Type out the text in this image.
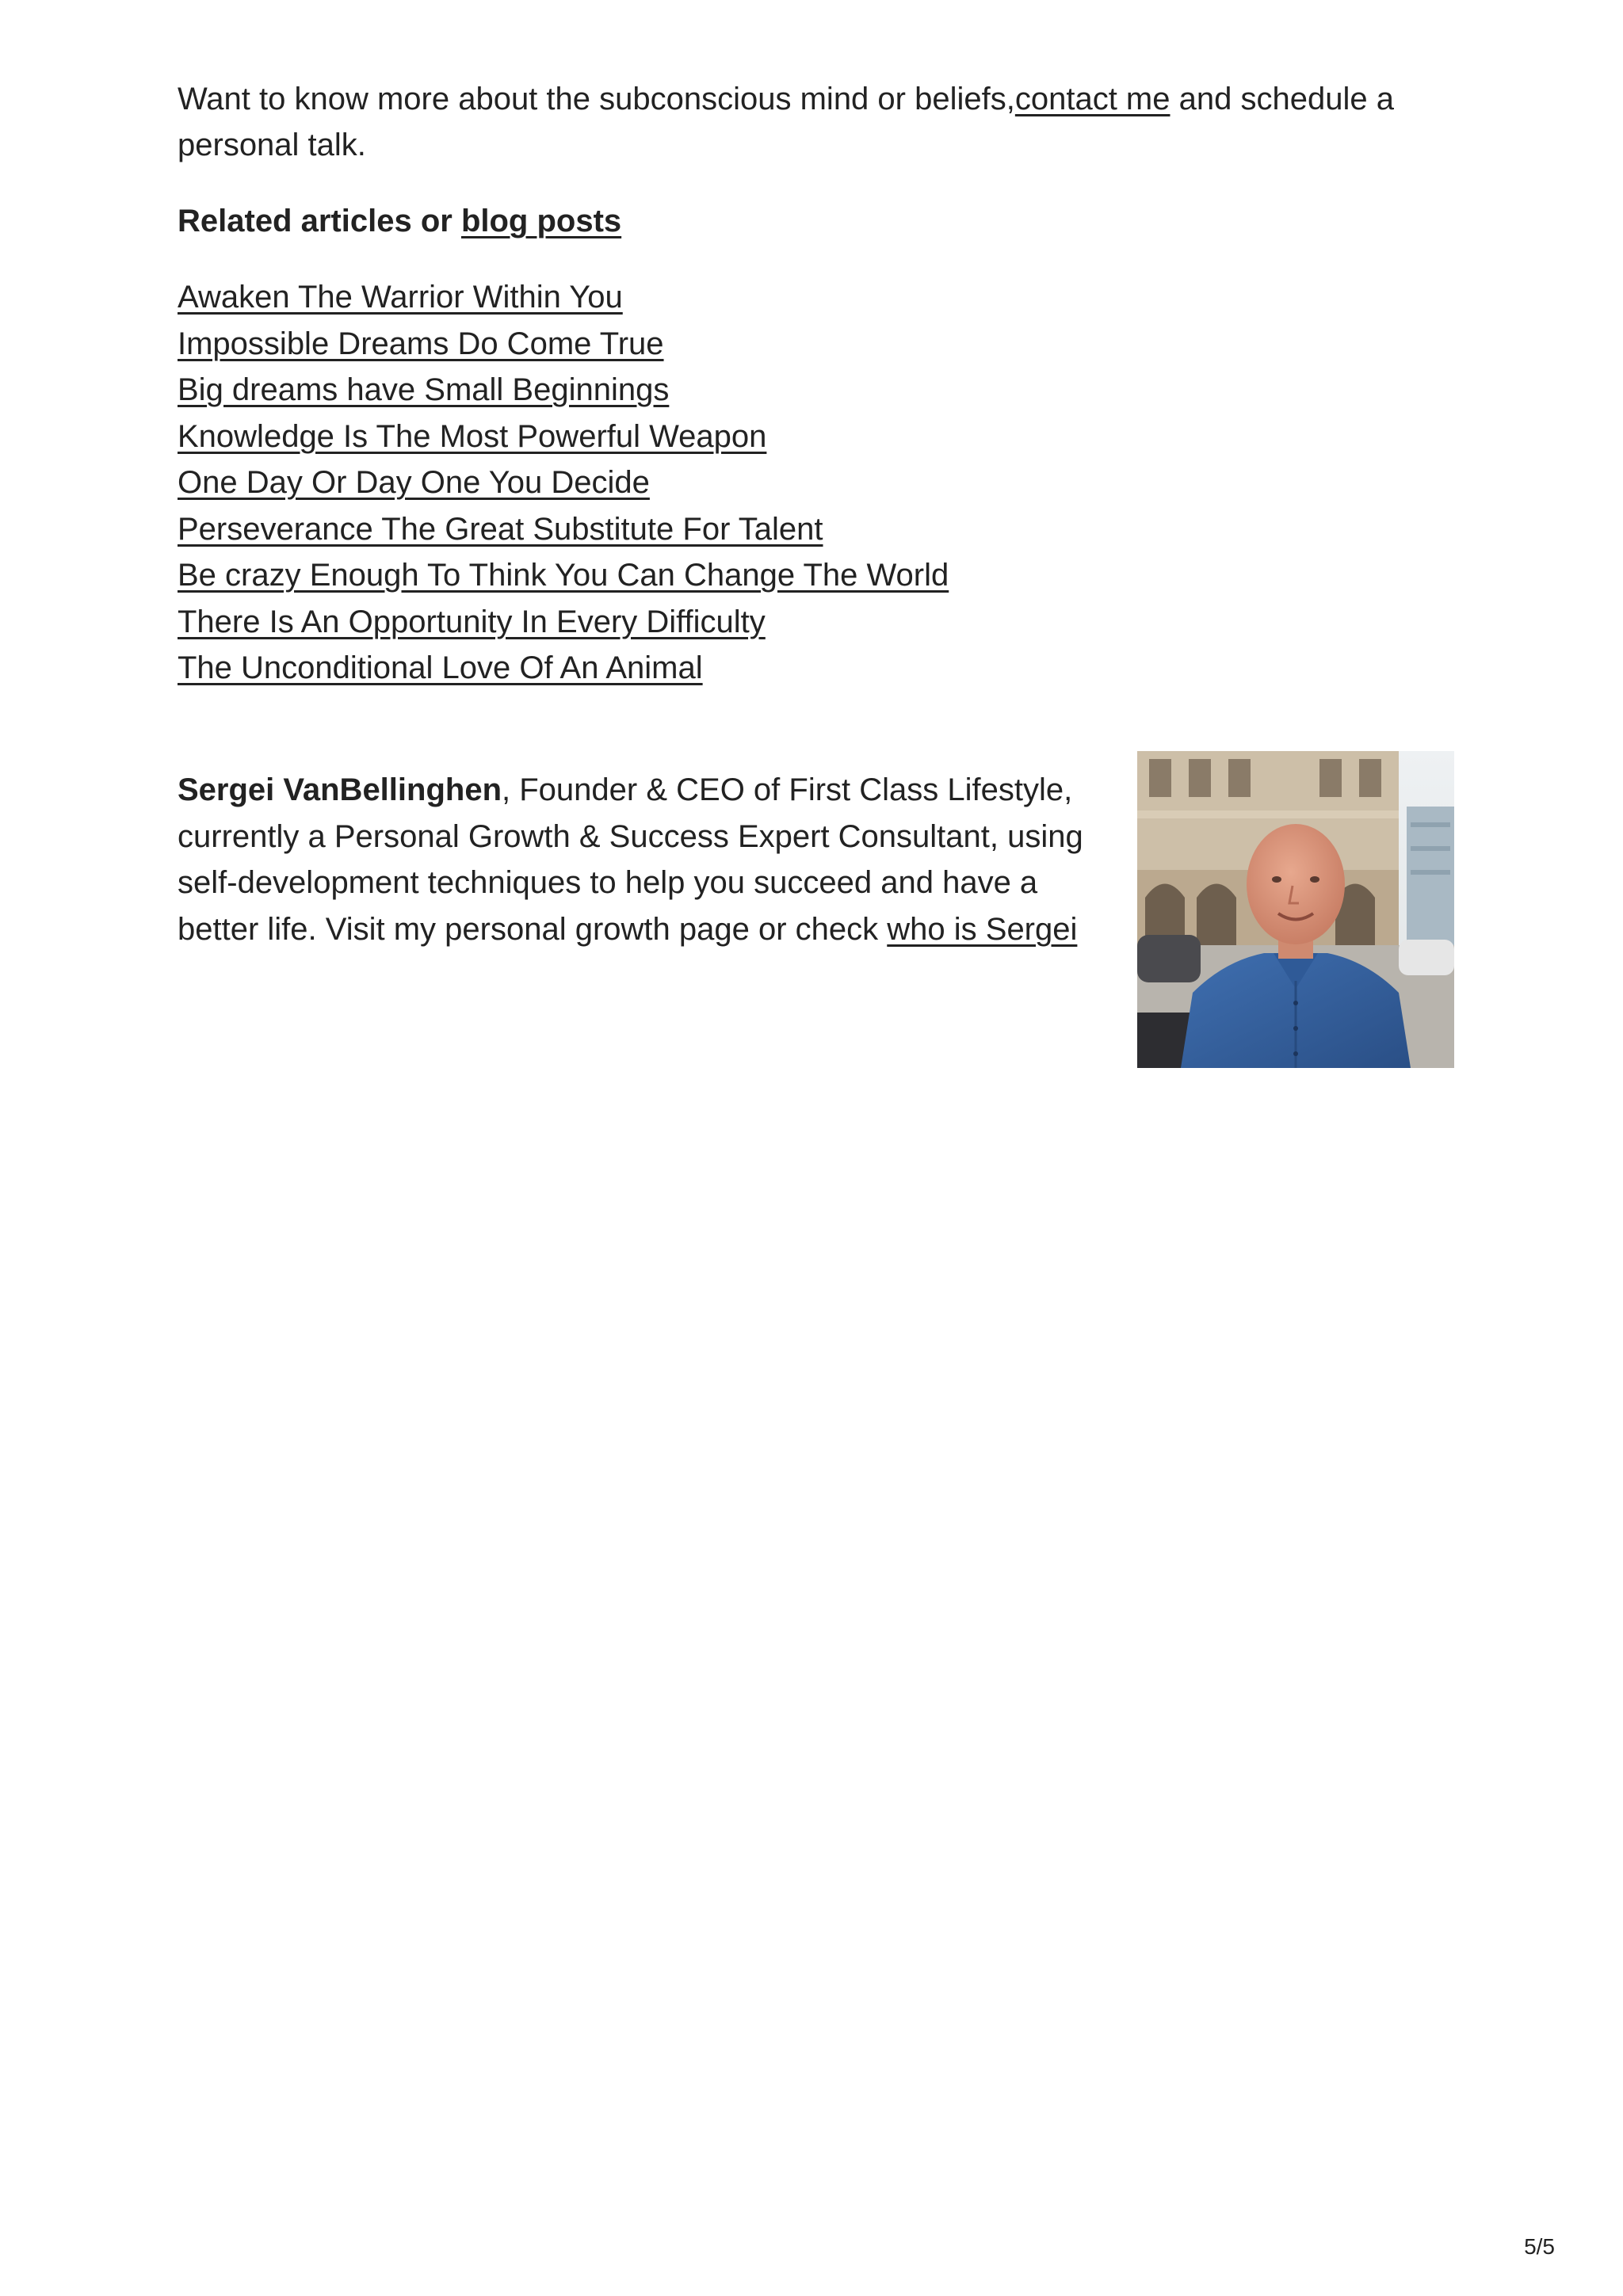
Want to know more about the subconscious mind or beliefs,contact me and schedule a personal talk.

Related articles or blog posts

Awaken The Warrior Within You
Impossible Dreams Do Come True
Big dreams have Small Beginnings
Knowledge Is The Most Powerful Weapon
One Day Or Day One You Decide
Perseverance The Great Substitute For Talent
Be crazy Enough To Think You Can Change The World
There Is An Opportunity In Every Difficulty
The Unconditional Love Of An Animal

Sergei VanBellinghen, Founder & CEO of First Class Lifestyle, currently a Personal Growth & Success Expert Consultant, using self-development techniques to help you succeed and have a better life. Visit my personal growth page or check who is Sergei

5/5
